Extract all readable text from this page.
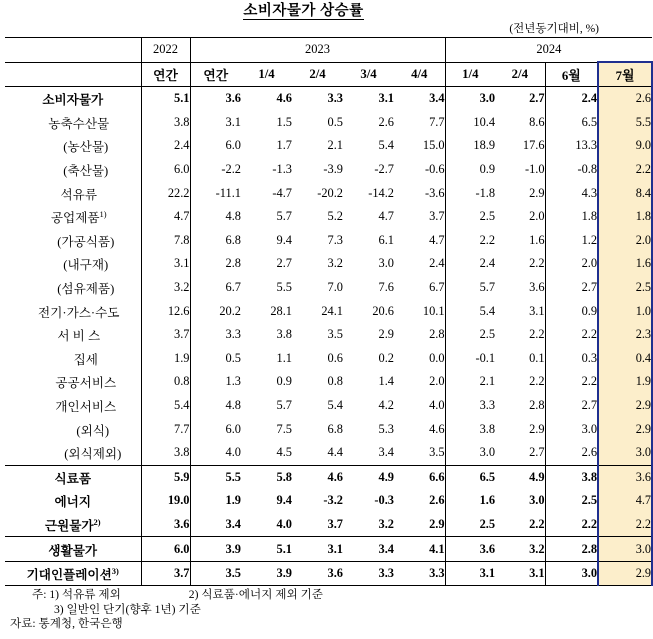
소비자물가 상승률
(전년동기대비, %)
	2022	2023					2024			
	연간	연간	1/4	2/4	3/4	4/4	1/4	2/4	6월	7월
소비자물가	5.1	3.6	4.6	3.3	3.1	3.4	3.0	2.7	2.4	2.6
농축수산물	3.8	3.1	1.5	0.5	2.6	7.7	10.4	8.6	6.5	5.5
(농산물)	2.4	6.0	1.7	2.1	5.4	15.0	18.9	17.6	13.3	9.0
(축산물)	6.0	-2.2	-1.3	-3.9	-2.7	-0.6	0.9	-1.0	-0.8	2.2
석유류	22.2	-11.1	-4.7	-20.2	-14.2	-3.6	-1.8	2.9	4.3	8.4
공업제품$^{1)}$	4.7	4.8	5.7	5.2	4.7	3.7	2.5	2.0	1.8	1.8
(가공식품)	7.8	6.8	9.4	7.3	6.1	4.7	2.2	1.6	1.2	2.0
(내구재)	3.1	2.8	2.7	3.2	3.0	2.4	2.4	2.2	2.0	1.6
(섬유제품)	3.2	6.7	5.5	7.0	7.6	6.7	5.7	3.6	2.7	2.5
전기·가스·수도	12.6	20.2	28.1	24.1	20.6	10.1	5.4	3.1	0.9	1.0
서 비 스	3.7	3.3	3.8	3.5	2.9	2.8	2.5	2.2	2.2	2.3
집세	1.9	0.5	1.1	0.6	0.2	0.0	-0.1	0.1	0.3	0.4
공공서비스	0.8	1.3	0.9	0.8	1.4	2.0	2.1	2.2	2.2	1.9
개인서비스	5.4	4.8	5.7	5.4	4.2	4.0	3.3	2.8	2.7	2.9
(외식)	7.7	6.0	7.5	6.8	5.3	4.6	3.8	2.9	3.0	2.9
(외식제외)	3.8	4.0	4.5	4.4	3.4	3.5	3.0	2.7	2.6	3.0
식료품	5.9	5.5	5.8	4.6	4.9	6.6	6.5	4.9	3.8	3.6
에너지	19.0	1.9	9.4	-3.2	-0.3	2.6	1.6	3.0	2.5	4.7
근원물가$^{2)}$	3.6	3.4	4.0	3.7	3.2	2.9	2.5	2.2	2.2	2.2
생활물가	6.0	3.9	5.1	3.1	3.4	4.1	3.6	3.2	2.8	3.0
기대인플레이션$^{3)}$	3.7	3.5	3.9	3.6	3.3	3.3	3.1	3.1	3.0	2.9
주: 1) 석유류 제외	2) 식료품·에너지 제외 기준
3) 일반인 단기(향후 1년) 기준
자료: 통계청, 한국은행
